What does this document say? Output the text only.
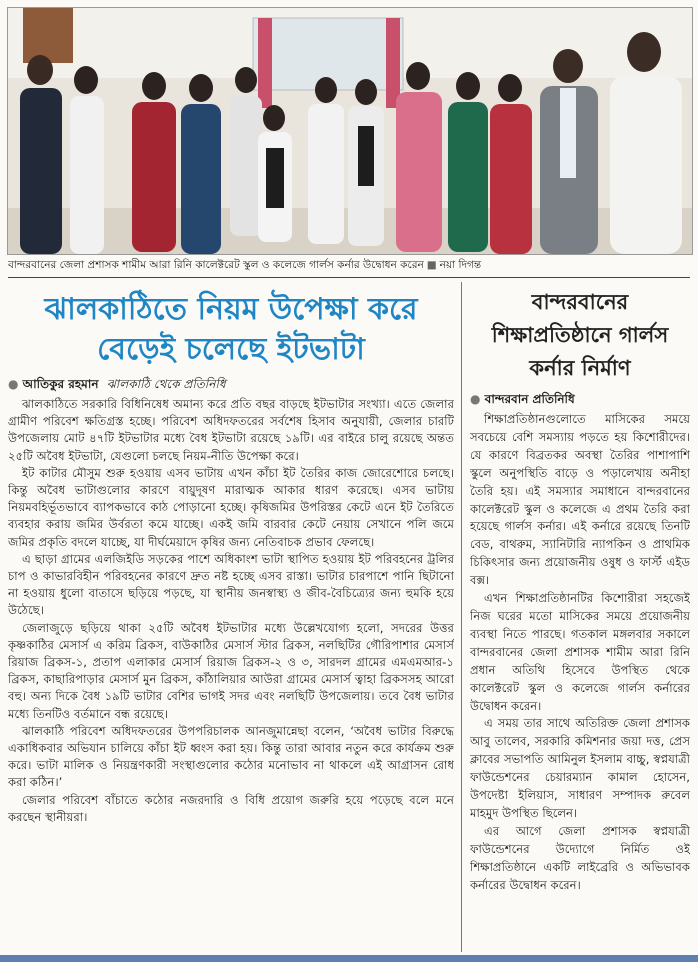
বান্দরবানের জেলা প্রশাসক শামীম আরা রিনি কালেক্টরেট স্কুল ও কলেজে গার্লস কর্নার উদ্বোধন করেন ■ নয়া দিগন্ত
ঝালকাঠিতে নিয়ম উপেক্ষা করে বেড়েই চলেছে ইটভাটা
● আতিকুর রহমান ঝালকাঠি থেকে প্রতিনিধি

ঝালকাঠিতে সরকারি বিধিনিষেধ অমান্য করে প্রতি বছর বাড়ছে ইটভাটার সংখ্যা। এতে জেলার গ্রামীণ পরিবেশ ক্ষতিগ্রস্ত হচ্ছে। পরিবেশ অধিদফতরের সর্বশেষ হিসাব অনুযায়ী, জেলার চারটি উপজেলায় মোট ৪৭টি ইটভাটার মধ্যে বৈধ ইটভাটা রয়েছে ১৯টি। এর বাইরে চালু রয়েছে অন্তত ২৫টি অবৈধ ইটভাটা, যেগুলো চলছে নিয়ম-নীতি উপেক্ষা করে।

ইট কাটার মৌসুম শুরু হওয়ায় এসব ভাটায় এখন কাঁচা ইট তৈরির কাজ জোরেশোরে চলছে। কিন্তু অবৈধ ভাটাগুলোর কারণে বায়ুদূষণ মারাত্মক আকার ধারণ করেছে। এসব ভাটায় নিয়মবহির্ভূতভাবে ব্যাপকভাবে কাঠ পোড়ানো হচ্ছে। কৃষিজমির উপরিস্তর কেটে এনে ইট তৈরিতে ব্যবহার করায় জমির উর্বরতা কমে যাচ্ছে। একই জমি বারবার কেটে নেয়ায় সেখানে পলি জমে জমির প্রকৃতি বদলে যাচ্ছে, যা দীর্ঘমেয়াদে কৃষির জন্য নেতিবাচক প্রভাব ফেলছে।

এ ছাড়া গ্রামের এলজিইডি সড়কের পাশে অধিকাংশ ভাটা স্থাপিত হওয়ায় ইট পরিবহনের ট্রলির চাপ ও কাভারবিহীন পরিবহনের কারণে দ্রুত নষ্ট হচ্ছে এসব রাস্তা। ভাটার চারপাশে পানি ছিটানো না হওয়ায় ধুলো বাতাসে ছড়িয়ে পড়ছে, যা স্থানীয় জনস্বাস্থ্য ও জীব-বৈচিত্র্যের জন্য হুমকি হয়ে উঠেছে।

জেলাজুড়ে ছড়িয়ে থাকা ২৫টি অবৈধ ইটভাটার মধ্যে উল্লেখযোগ্য হলো, সদরের উত্তর কৃষ্ণকাঠির মেসার্স এ করিম ব্রিকস, বাউকাঠির মেসার্স স্টার ব্রিকস, নলছিটির গৌরিপাশার মেসার্স রিয়াজ ব্রিকস-১, প্রতাপ এলাকার মেসার্স রিয়াজ ব্রিকস-২ ও ৩, সারদল গ্রামের এমএমআর-১ ব্রিকস, কাছারিপাড়ার মেসার্স মুন ব্রিকস, কাঁঠালিয়ার আউরা গ্রামের মেসার্স ত্বাহা ব্রিকসসহ আরো বহু। অন্য দিকে বৈধ ১৯টি ভাটার বেশির ভাগই সদর এবং নলছিটি উপজেলায়। তবে বৈধ ভাটার মধ্যে তিনটিও বর্তমানে বন্ধ রয়েছে।

ঝালকাঠি পরিবেশ অধিদফতরের উপপরিচালক আনজুমান্নেছা বলেন, ‘অবৈধ ভাটার বিরুদ্ধে একাধিকবার অভিযান চালিয়ে কাঁচা ইট ধ্বংস করা হয়। কিন্তু তারা আবার নতুন করে কার্যক্রম শুরু করে। ভাটা মালিক ও নিয়ন্ত্রণকারী সংস্থাগুলোর কঠোর মনোভাব না থাকলে এই আগ্রাসন রোধ করা কঠিন।’

জেলার পরিবেশ বাঁচাতে কঠোর নজরদারি ও বিধি প্রয়োগ জরুরি হয়ে পড়েছে বলে মনে করছেন স্থানীয়রা।

বান্দরবানের শিক্ষাপ্রতিষ্ঠানে গার্লস কর্নার নির্মাণ
● বান্দরবান প্রতিনিধি

শিক্ষাপ্রতিষ্ঠানগুলোতে মাসিকের সময়ে সবচেয়ে বেশি সমস্যায় পড়তে হয় কিশোরীদের। যে কারণে বিব্রতকর অবস্থা তৈরির পাশাপাশি স্কুলে অনুপস্থিতি বাড়ে ও পড়ালেখায় অনীহা তৈরি হয়। এই সমস্যার সমাধানে বান্দরবানের কালেক্টরেট স্কুল ও কলেজে এ প্রথম তৈরি করা হয়েছে গার্লস কর্নার। এই কর্নারে রয়েছে তিনটি বেড, বাথরুম, স্যানিটারি ন্যাপকিন ও প্রাথমিক চিকিৎসার জন্য প্রয়োজনীয় ওষুধ ও ফার্স্ট এইড বক্স।

এখন শিক্ষাপ্রতিষ্ঠানটির কিশোরীরা সহজেই নিজ ঘরের মতো মাসিকের সময়ে প্রয়োজনীয় ব্যবস্থা নিতে পারছে। গতকাল মঙ্গলবার সকালে বান্দরবানের জেলা প্রশাসক শামীম আরা রিনি প্রধান অতিথি হিসেবে উপস্থিত থেকে কালেক্টরেট স্কুল ও কলেজে গার্লস কর্নারের উদ্বোধন করেন।

এ সময় তার সাথে অতিরিক্ত জেলা প্রশাসক আবু তালেব, সরকারি কমিশনার জয়া দত্ত, প্রেস ক্লাবের সভাপতি আমিনুল ইসলাম বাচ্চু, স্বপ্নযাত্রী ফাউন্ডেশনের চেয়ারম্যান কামাল হোসেন, উপদেষ্টা ইলিয়াস, সাধারণ সম্পাদক রুবেল মাহমুদ উপস্থিত ছিলেন।

এর আগে জেলা প্রশাসক স্বপ্নযাত্রী ফাউন্ডেশনের উদ্যোগে নির্মিত ওই শিক্ষাপ্রতিষ্ঠানে একটি লাইব্রেরি ও অভিভাবক কর্নারের উদ্বোধন করেন।
